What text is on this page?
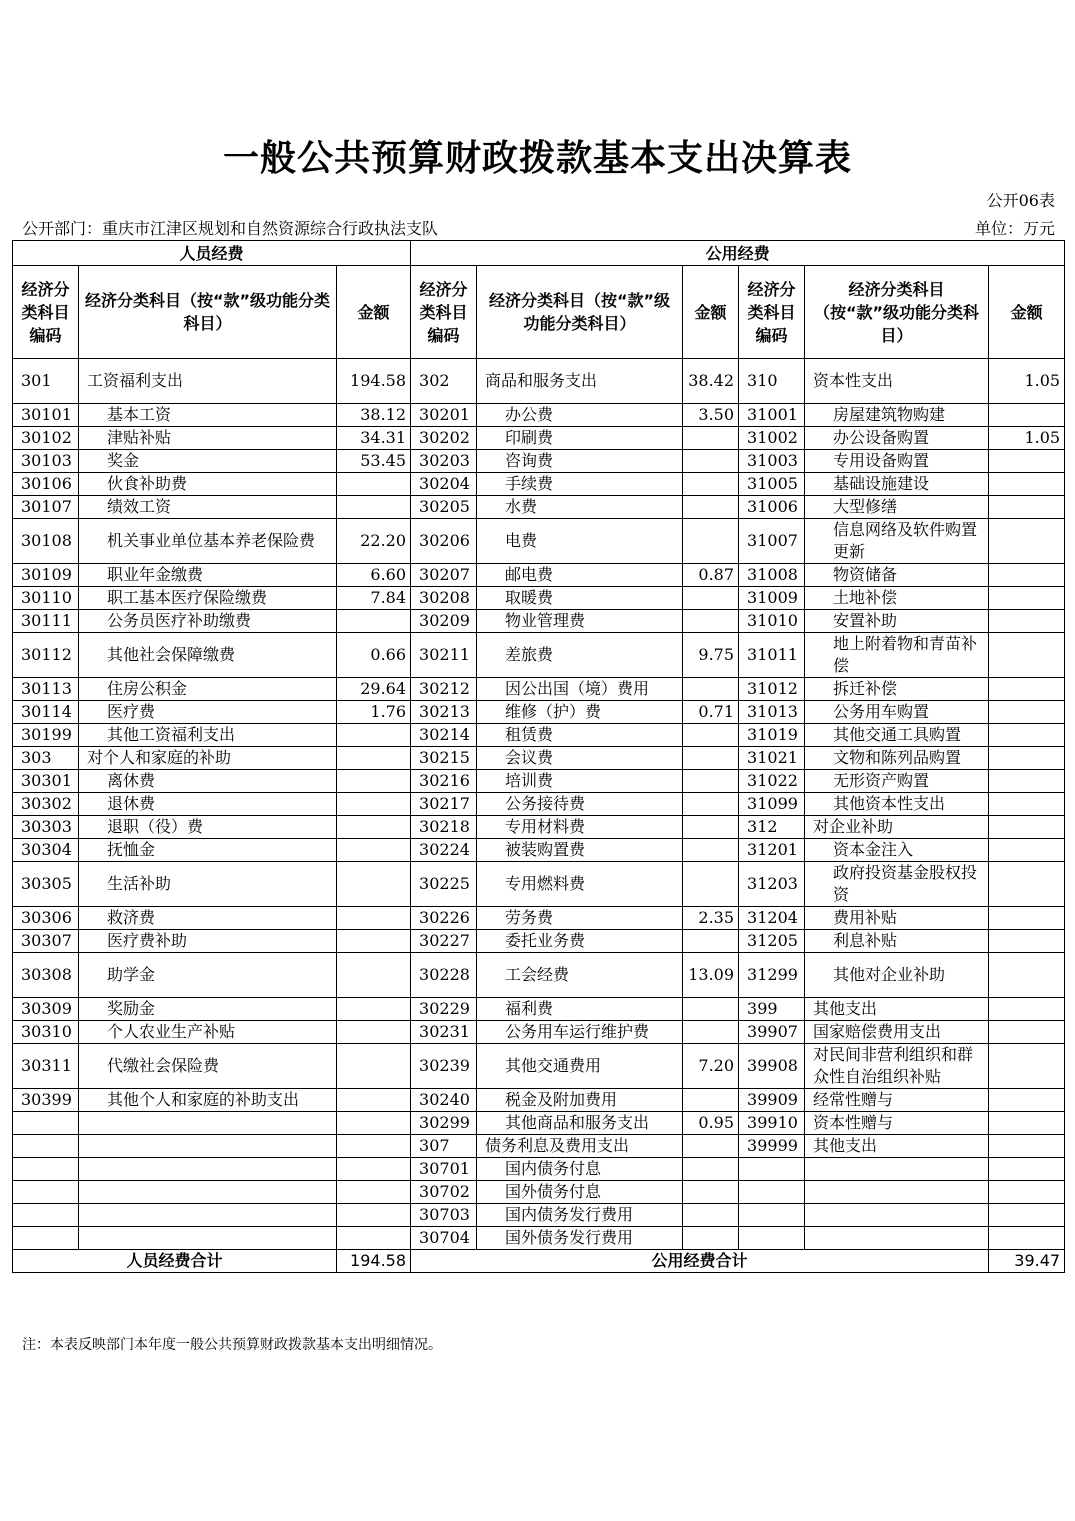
一般公共预算财政拨款基本支出决算表
公开06表
公开部门：重庆市江津区规划和自然资源综合行政执法支队	单位：万元
人员经费			公用经费					
经济分类科目编码	经济分类科目（按“款”级功能分类科目）	金额	经济分类科目编码	经济分类科目（按“款”级功能分类科目）	金额	经济分类科目编码	经济分类科目（按“款”级功能分类科目）	金额
301	工资福利支出	194.58	302	商品和服务支出	38.42	310	资本性支出	1.05
30101	基本工资	38.12	30201	办公费	3.50	31001	房屋建筑物购建	
30102	津贴补贴	34.31	30202	印刷费		31002	办公设备购置	1.05
30103	奖金	53.45	30203	咨询费		31003	专用设备购置	
30106	伙食补助费		30204	手续费		31005	基础设施建设	
30107	绩效工资		30205	水费		31006	大型修缮	
30108	机关事业单位基本养老保险费	22.20	30206	电费		31007	信息网络及软件购置更新	
30109	职业年金缴费	6.60	30207	邮电费	0.87	31008	物资储备	
30110	职工基本医疗保险缴费	7.84	30208	取暖费		31009	土地补偿	
30111	公务员医疗补助缴费		30209	物业管理费		31010	安置补助	
30112	其他社会保障缴费	0.66	30211	差旅费	9.75	31011	地上附着物和青苗补偿	
30113	住房公积金	29.64	30212	因公出国（境）费用		31012	拆迁补偿	
30114	医疗费	1.76	30213	维修（护）费	0.71	31013	公务用车购置	
30199	其他工资福利支出		30214	租赁费		31019	其他交通工具购置	
303	对个人和家庭的补助		30215	会议费		31021	文物和陈列品购置	
30301	离休费		30216	培训费		31022	无形资产购置	
30302	退休费		30217	公务接待费		31099	其他资本性支出	
30303	退职（役）费		30218	专用材料费		312	对企业补助	
30304	抚恤金		30224	被装购置费		31201	资本金注入	
30305	生活补助		30225	专用燃料费		31203	政府投资基金股权投资	
30306	救济费		30226	劳务费	2.35	31204	费用补贴	
30307	医疗费补助		30227	委托业务费		31205	利息补贴	
30308	助学金		30228	工会经费	13.09	31299	其他对企业补助	
30309	奖励金		30229	福利费		399	其他支出	
30310	个人农业生产补贴		30231	公务用车运行维护费		39907	国家赔偿费用支出	
30311	代缴社会保险费		30239	其他交通费用	7.20	39908	对民间非营利组织和群众性自治组织补贴	
30399	其他个人和家庭的补助支出		30240	税金及附加费用		39909	经常性赠与	
			30299	其他商品和服务支出	0.95	39910	资本性赠与	
			307	债务利息及费用支出		39999	其他支出	
			30701	国内债务付息				
			30702	国外债务付息				
			30703	国内债务发行费用				
			30704	国外债务发行费用				
人员经费合计		194.58	公用经费合计					39.47
注：本表反映部门本年度一般公共预算财政拨款基本支出明细情况。
